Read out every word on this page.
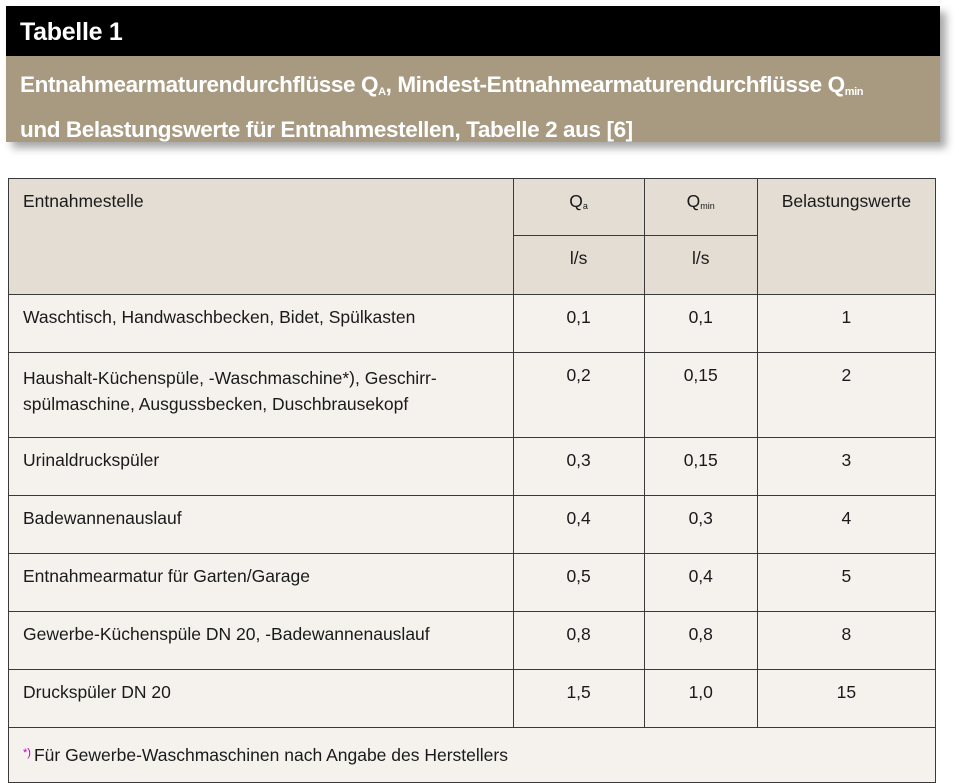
Tabelle 1
Entnahmearmaturendurchflüsse $Q_A$, Mindest-Entnahmearmaturendurchflüsse $Q_{min}$
und Belastungswerte für Entnahmestellen, Tabelle 2 aus [6]
Entnahmestelle	$Q_a$	$Q_{min}$	Belastungswerte
	l/s	l/s	
Waschtisch, Handwaschbecken, Bidet, Spülkasten	0,1	0,1	1

Haushalt-Küchenspüle, -Waschmaschine*), Geschirr-
spülmaschine, Ausgussbecken, Duschbrausekopf	0,2	0,15	2
Urinaldruckspüler	0,3	0,15	3
Badewannenauslauf	0,4	0,3	4
Entnahmearmatur für Garten/Garage	0,5	0,4	5
Gewerbe-Küchenspüle DN 20, -Badewannenauslauf	0,8	0,8	8
Druckspüler DN 20	1,5	1,0	15
*) Für Gewerbe-Waschmaschinen nach Angabe des Herstellers			
